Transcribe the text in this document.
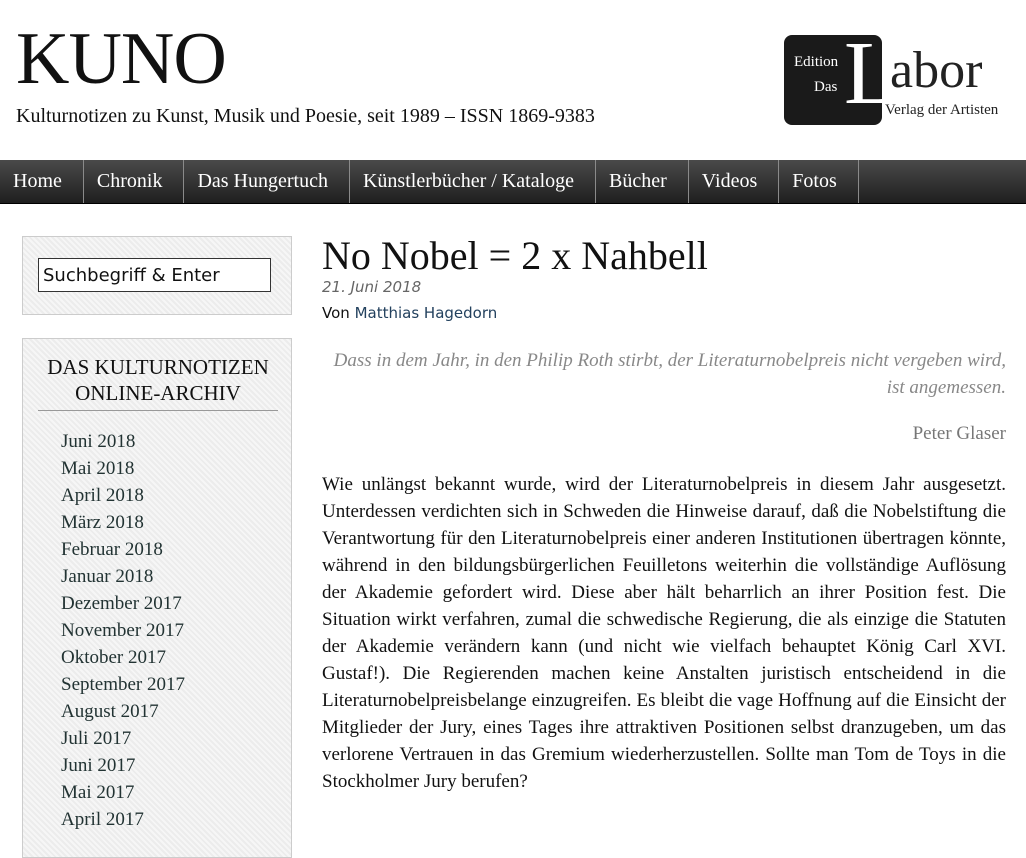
KUNO
Kulturnotizen zu Kunst, Musik und Poesie, seit 1989 – ISSN 1869-9383
Edition
Das L
abor
Verlag der Artisten
Home	Chronik	Das Hungertuch	Künstlerbücher / Kataloge	Bücher	Videos	Fotos
Suchbegriff & Enter
DAS KULTURNOTIZEN ONLINE-ARCHIV
Juni 2018
Mai 2018
April 2018
März 2018
Februar 2018
Januar 2018
Dezember 2017
November 2017
Oktober 2017
September 2017
August 2017
Juli 2017
Juni 2017
Mai 2017
April 2017
No Nobel = 2 x Nahbell
21. Juni 2018
Von Matthias Hagedorn
Dass in dem Jahr, in den Philip Roth stirbt, der Literaturnobelpreis nicht vergeben wird, ist angemessen.
Peter Glaser
Wie unlängst bekannt wurde, wird der Literaturnobelpreis in diesem Jahr ausgesetzt. Unterdessen verdichten sich in Schweden die Hinweise darauf, daß die Nobelstiftung die Verantwortung für den Literaturnobelpreis einer anderen Institutionen übertragen könnte, während in den bildungsbürgerlichen Feuilletons weiterhin die vollständige Auflösung der Akademie gefordert wird. Diese aber hält beharrlich an ihrer Position fest. Die Situation wirkt verfahren, zumal die schwedische Regierung, die als einzige die Statuten der Akademie verändern kann (und nicht wie vielfach behauptet König Carl XVI. Gustaf!). Die Regierenden machen keine Anstalten juristisch entscheidend in die Literaturnobelpreisbelange einzugreifen. Es bleibt die vage Hoffnung auf die Einsicht der Mitglieder der Jury, eines Tages ihre attraktiven Positionen selbst dranzugeben, um das verlorene Vertrauen in das Gremium wiederherzustellen. Sollte man Tom de Toys in die Stockholmer Jury berufen?
